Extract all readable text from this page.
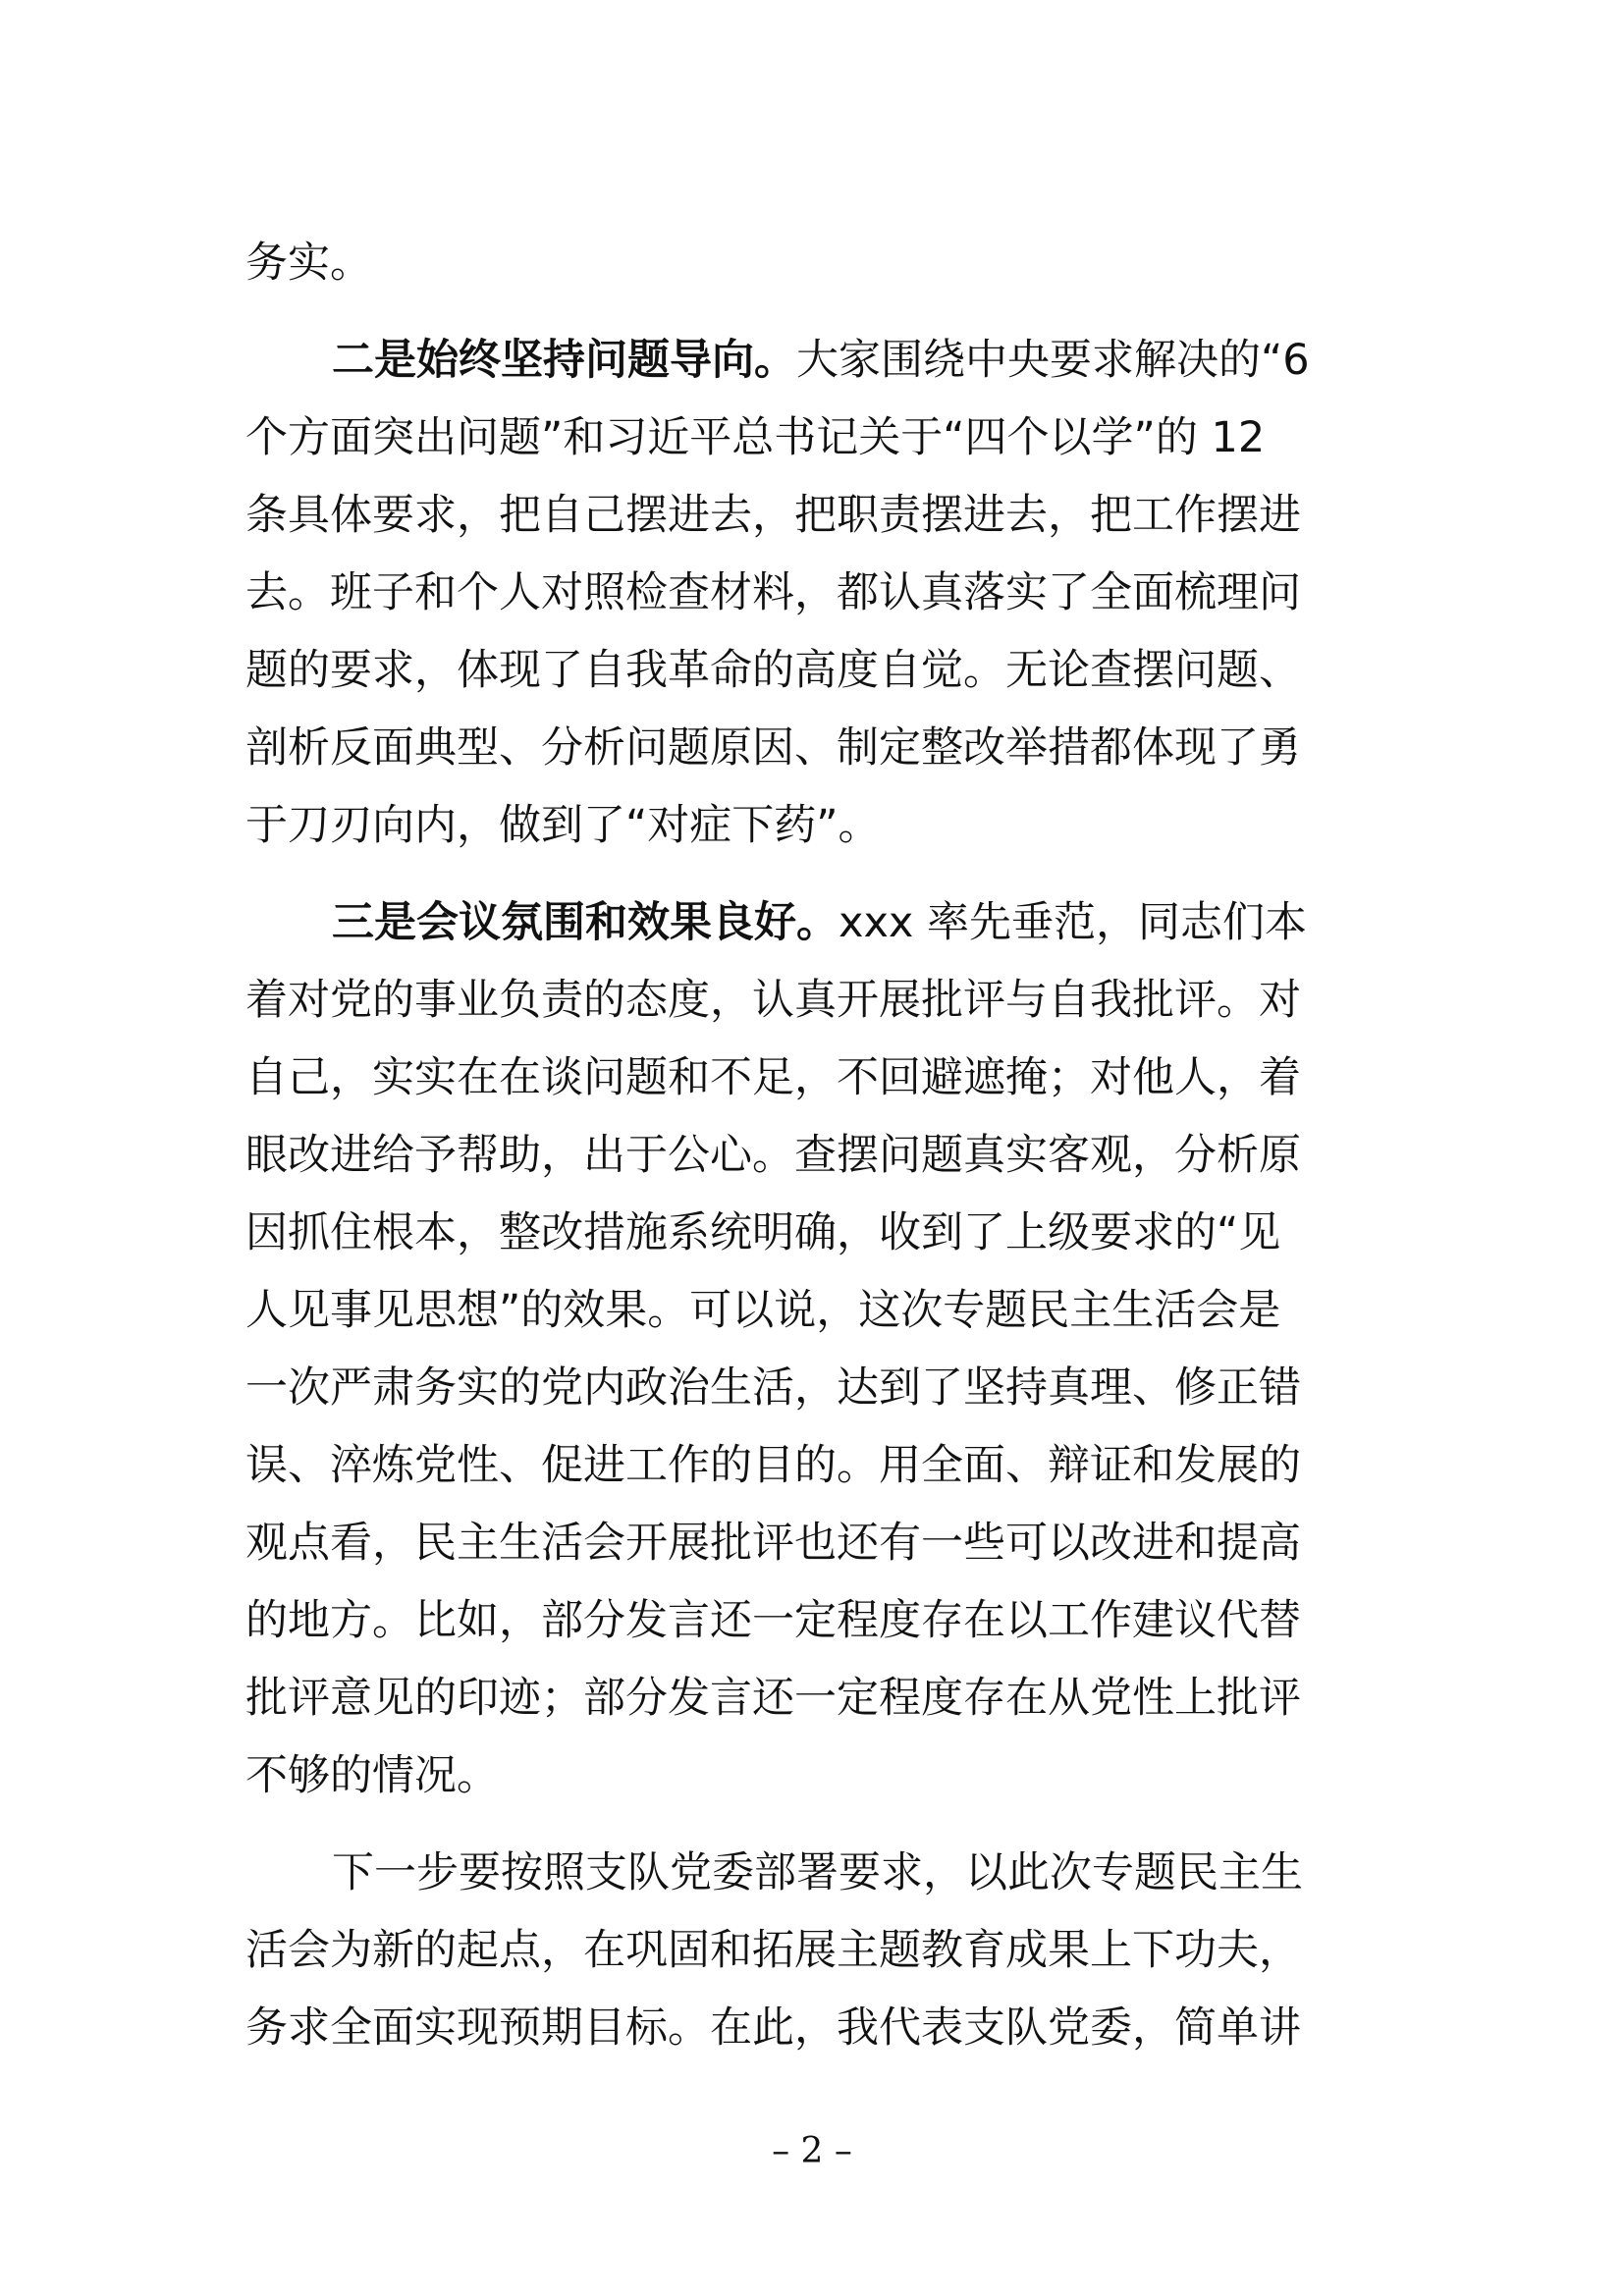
务实。
二是始终坚持问题导向。大家围绕中央要求解决的“6
个方面突出问题”和习近平总书记关于“四个以学”的 12
条具体要求，把自己摆进去，把职责摆进去，把工作摆进
去。班子和个人对照检查材料，都认真落实了全面梳理问
题的要求，体现了自我革命的高度自觉。无论查摆问题、
剖析反面典型、分析问题原因、制定整改举措都体现了勇
于刀刃向内，做到了“对症下药”。
三是会议氛围和效果良好。xxx 率先垂范，同志们本
着对党的事业负责的态度，认真开展批评与自我批评。对
自己，实实在在谈问题和不足，不回避遮掩；对他人，着
眼改进给予帮助，出于公心。查摆问题真实客观，分析原
因抓住根本，整改措施系统明确，收到了上级要求的“见
人见事见思想”的效果。可以说，这次专题民主生活会是
一次严肃务实的党内政治生活，达到了坚持真理、修正错
误、淬炼党性、促进工作的目的。用全面、辩证和发展的
观点看，民主生活会开展批评也还有一些可以改进和提高
的地方。比如，部分发言还一定程度存在以工作建议代替
批评意见的印迹；部分发言还一定程度存在从党性上批评
不够的情况。
下一步要按照支队党委部署要求，以此次专题民主生
活会为新的起点，在巩固和拓展主题教育成果上下功夫，
务求全面实现预期目标。在此，我代表支队党委，简单讲
– 2 –
